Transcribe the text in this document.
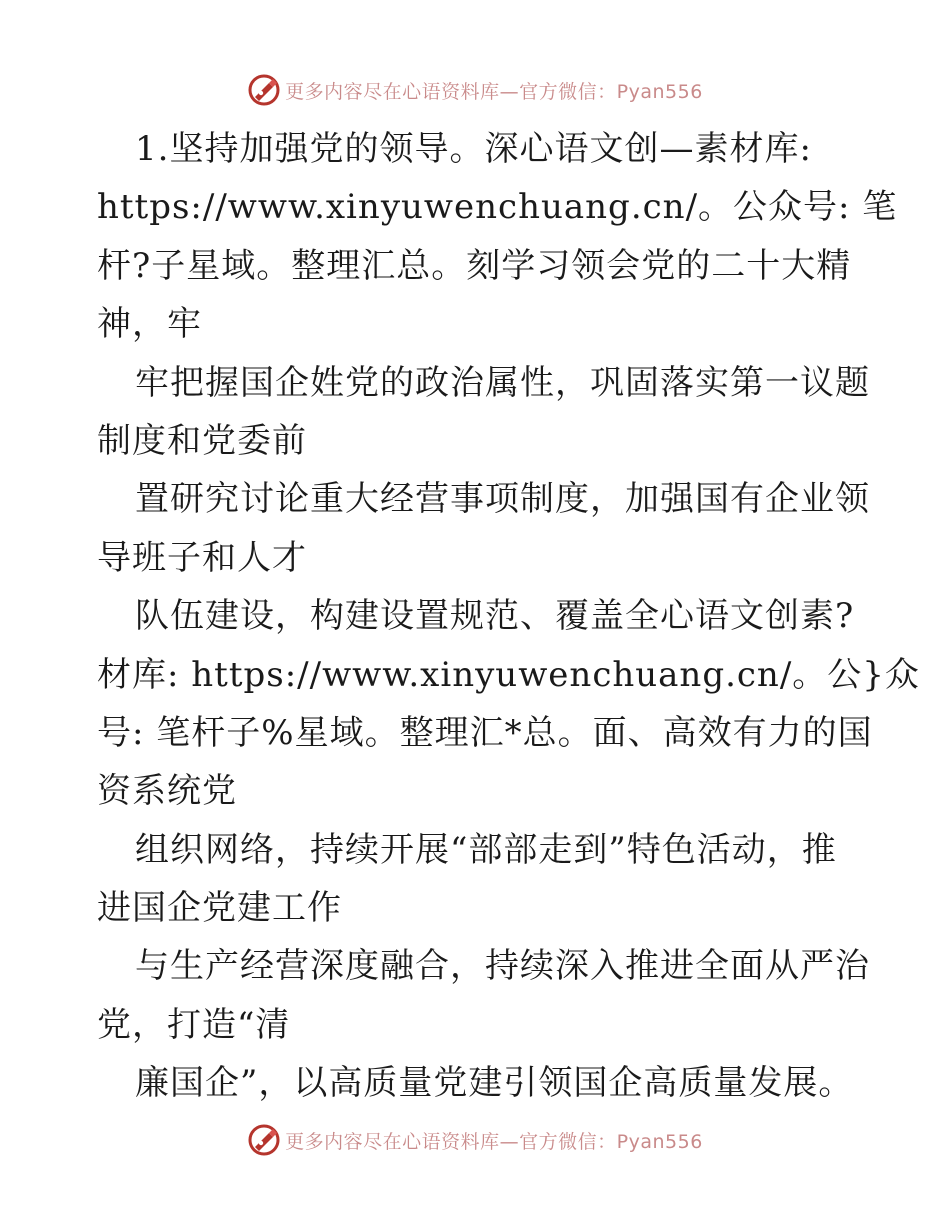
更多内容尽在心语资料库—官方微信：Pyan556
1.坚持加强党的领导。深心语文创—素材库:
https://www.xinyuwenchuang.cn/。公众号: 笔
杆?子星域。整理汇总。刻学习领会党的二十大精
神，牢
牢把握国企姓党的政治属性，巩固落实第一议题
制度和党委前
置研究讨论重大经营事项制度，加强国有企业领
导班子和人才
队伍建设，构建设置规范、覆盖全心语文创素?
材库: https://www.xinyuwenchuang.cn/。公}众
号: 笔杆子%星域。整理汇*总。面、高效有力的国
资系统党
组织网络，持续开展“部部走到”特色活动，推
进国企党建工作
与生产经营深度融合，持续深入推进全面从严治
党，打造“清
廉国企”，以高质量党建引领国企高质量发展。
更多内容尽在心语资料库—官方微信：Pyan556
